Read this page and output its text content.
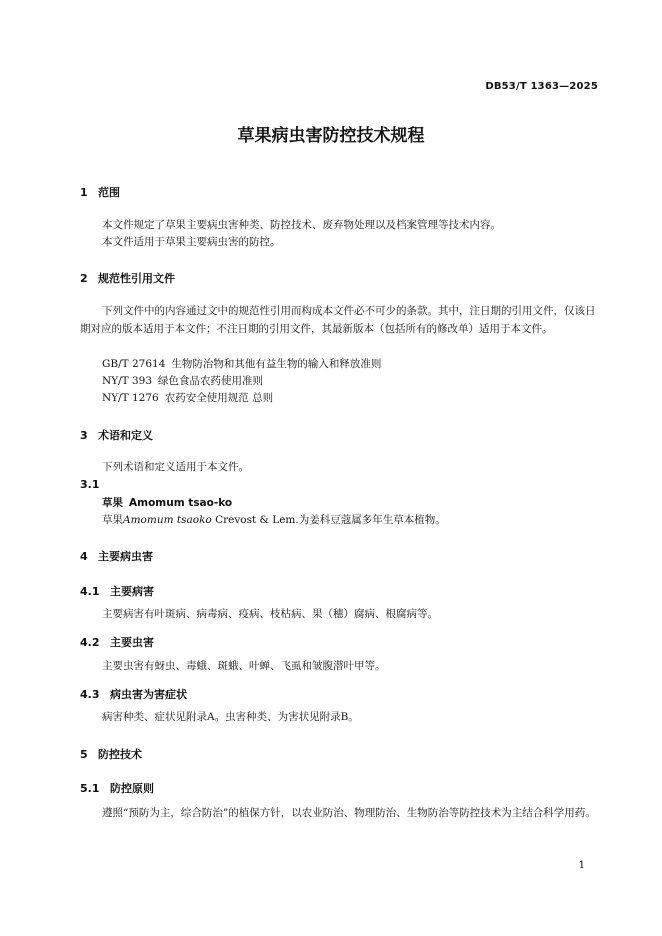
DB53/T 1363—2025
草果病虫害防控技术规程
1 范围
本文件规定了草果主要病虫害种类、防控技术、废弃物处理以及档案管理等技术内容。
本文件适用于草果主要病虫害的防控。
2 规范性引用文件
下列文件中的内容通过文中的规范性引用而构成本文件必不可少的条款。其中，注日期的引用文件，仅该日期对应的版本适用于本文件；不注日期的引用文件，其最新版本（包括所有的修改单）适用于本文件。
GB/T 27614 生物防治物和其他有益生物的输入和释放准则
NY/T 393 绿色食品农药使用准则
NY/T 1276 农药安全使用规范 总则
3 术语和定义
下列术语和定义适用于本文件。
3.1
草果 Amomum tsao-ko
草果Amomum tsaoko Crevost & Lem.为姜科豆蔻属多年生草本植物。
4 主要病虫害
4.1 主要病害
主要病害有叶斑病、病毒病、疫病、枝枯病、果（穗）腐病、根腐病等。
4.2 主要虫害
主要虫害有蚜虫、毒蛾、斑蛾、叶蝉、飞虱和皱腹潜叶甲等。
4.3 病虫害为害症状
病害种类、症状见附录A。虫害种类、为害状见附录B。
5 防控技术
5.1 防控原则
遵照“预防为主，综合防治”的植保方针，以农业防治、物理防治、生物防治等防控技术为主结合科学用药。
1
